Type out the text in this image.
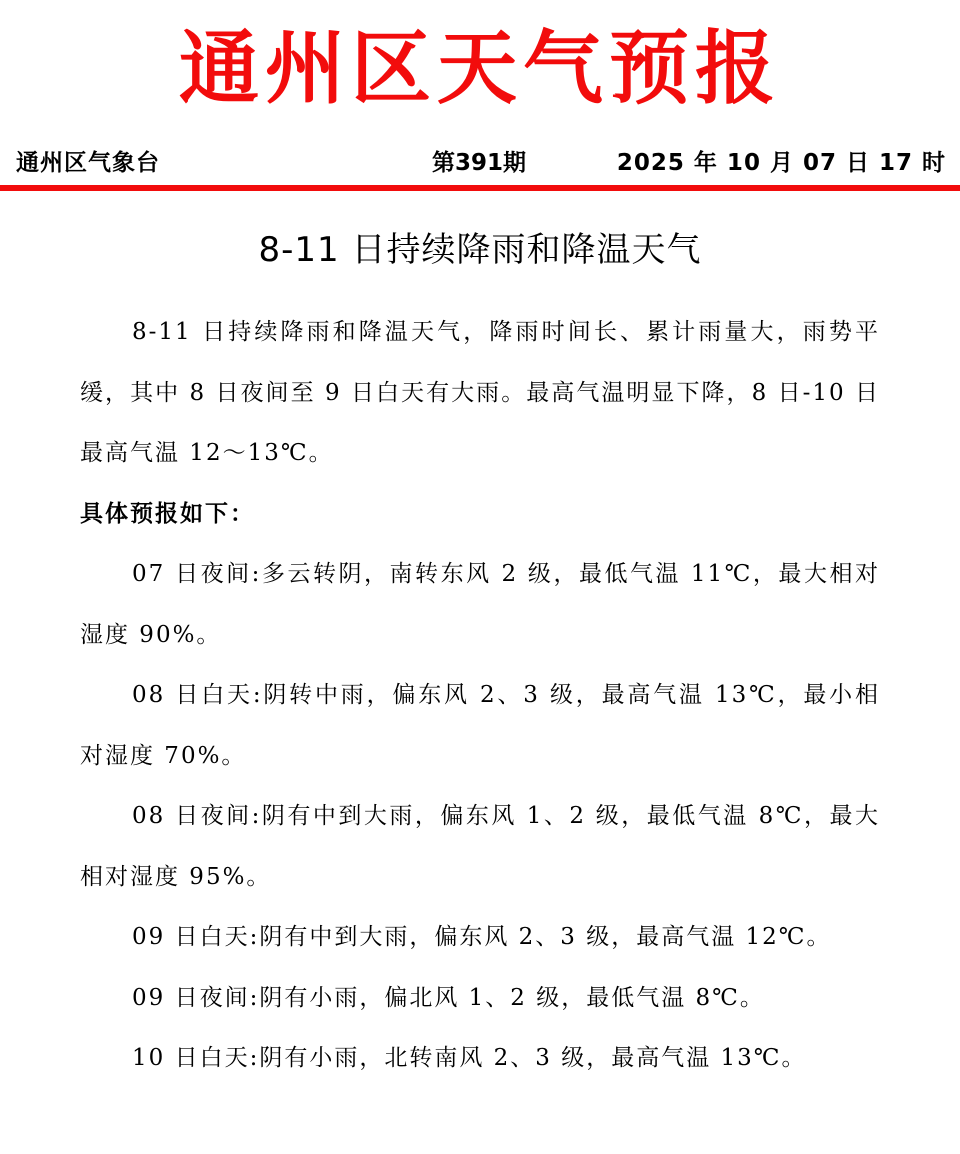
通州区天气预报
通州区气象台	第391期	2025 年 10 月 07 日 17 时
8-11 日持续降雨和降温天气

8-11 日持续降雨和降温天气，降雨时间长、累计雨量大，雨势平缓，其中 8 日夜间至 9 日白天有大雨。最高气温明显下降，8 日-10 日最高气温 12～13℃。

具体预报如下：

07 日夜间:多云转阴，南转东风 2 级，最低气温 11℃，最大相对湿度 90%。

08 日白天:阴转中雨，偏东风 2、3 级，最高气温 13℃，最小相对湿度 70%。

08 日夜间:阴有中到大雨，偏东风 1、2 级，最低气温 8℃，最大相对湿度 95%。

09 日白天:阴有中到大雨，偏东风 2、3 级，最高气温 12℃。

09 日夜间:阴有小雨，偏北风 1、2 级，最低气温 8℃。

10 日白天:阴有小雨，北转南风 2、3 级，最高气温 13℃。
